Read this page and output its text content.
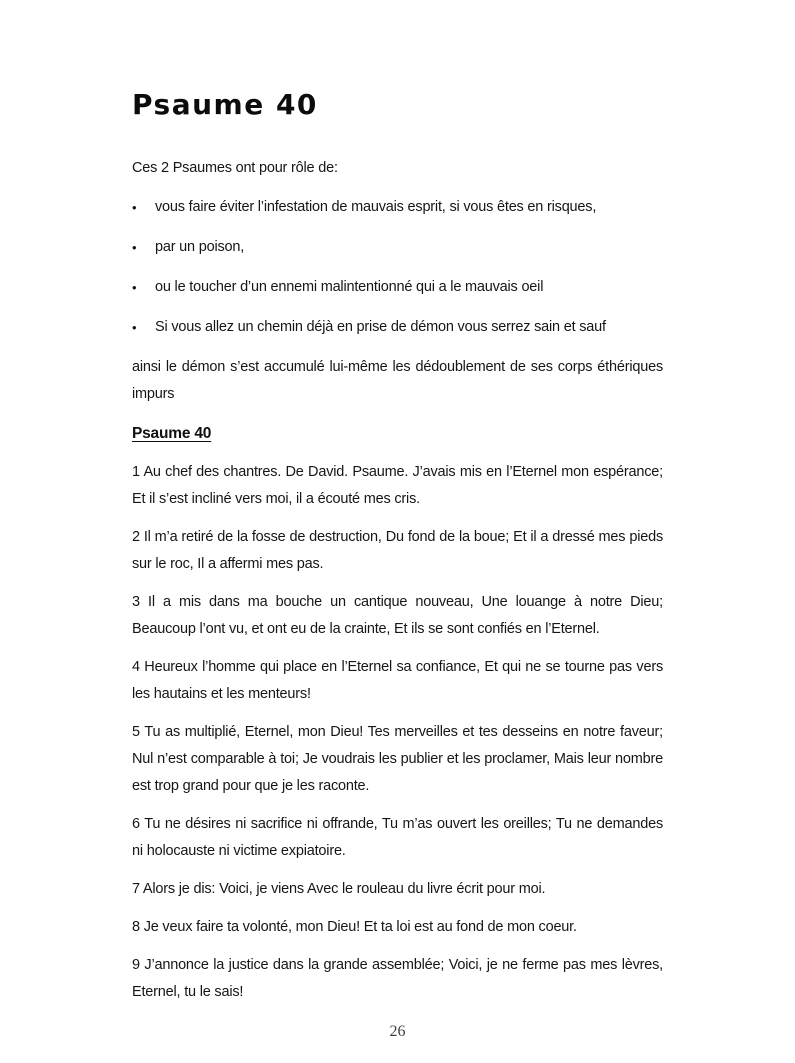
Psaume 40

Ces 2 Psaumes ont pour rôle de:

•	vous faire éviter l’infestation de mauvais esprit, si vous êtes en risques,
•	par un poison,
•	ou le toucher d’un ennemi malintentionné qui a le mauvais oeil
•	Si vous allez un chemin déjà en prise de démon vous serrez sain et sauf

ainsi le démon s’est accumulé lui-même les dédoublement de ses corps éthériques impurs

Psaume 40

1 Au chef des chantres. De David. Psaume. J’avais mis en l’Eternel mon espérance; Et il s’est incliné vers moi, il a écouté mes cris.

2 Il m’a retiré de la fosse de destruction, Du fond de la boue; Et il a dressé mes pieds sur le roc, Il a affermi mes pas.

3 Il a mis dans ma bouche un cantique nouveau, Une louange à notre Dieu; Beaucoup l’ont vu, et ont eu de la crainte, Et ils se sont confiés en l’Eternel.

4 Heureux l’homme qui place en l’Eternel sa confiance, Et qui ne se tourne pas vers les hautains et les menteurs!

5 Tu as multiplié, Eternel, mon Dieu! Tes merveilles et tes desseins en notre faveur; Nul n’est comparable à toi; Je voudrais les publier et les proclamer, Mais leur nombre est trop grand pour que je les raconte.

6 Tu ne désires ni sacrifice ni offrande, Tu m’as ouvert les oreilles; Tu ne demandes ni holocauste ni victime expiatoire.

7 Alors je dis: Voici, je viens Avec le rouleau du livre écrit pour moi.

8 Je veux faire ta volonté, mon Dieu! Et ta loi est au fond de mon coeur.

9 J’annonce la justice dans la grande assemblée; Voici, je ne ferme pas mes lèvres, Eternel, tu le sais!

26
